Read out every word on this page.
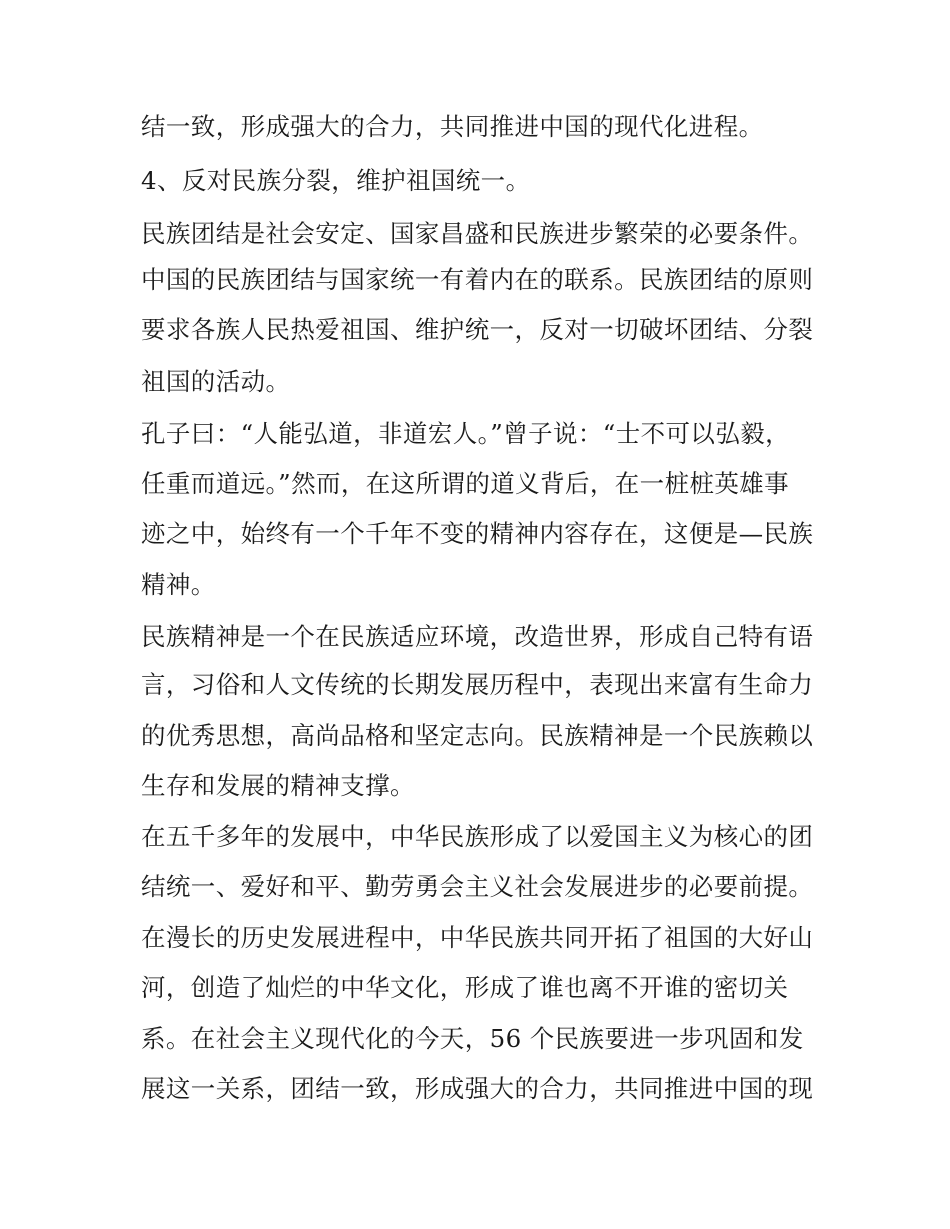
结一致，形成强大的合力，共同推进中国的现代化进程。
4、反对民族分裂，维护祖国统一。
民族团结是社会安定、国家昌盛和民族进步繁荣的必要条件。
中国的民族团结与国家统一有着内在的联系。民族团结的原则
要求各族人民热爱祖国、维护统一，反对一切破坏团结、分裂
祖国的活动。
孔子曰：“人能弘道，非道宏人。”曾子说：“士不可以弘毅，
任重而道远。”然而，在这所谓的道义背后，在一桩桩英雄事
迹之中，始终有一个千年不变的精神内容存在，这便是—民族
精神。
民族精神是一个在民族适应环境，改造世界，形成自己特有语
言，习俗和人文传统的长期发展历程中，表现出来富有生命力
的优秀思想，高尚品格和坚定志向。民族精神是一个民族赖以
生存和发展的精神支撑。
在五千多年的发展中，中华民族形成了以爱国主义为核心的团
结统一、爱好和平、勤劳勇会主义社会发展进步的必要前提。
在漫长的历史发展进程中，中华民族共同开拓了祖国的大好山
河，创造了灿烂的中华文化，形成了谁也离不开谁的密切关
系。在社会主义现代化的今天，56 个民族要进一步巩固和发
展这一关系，团结一致，形成强大的合力，共同推进中国的现
